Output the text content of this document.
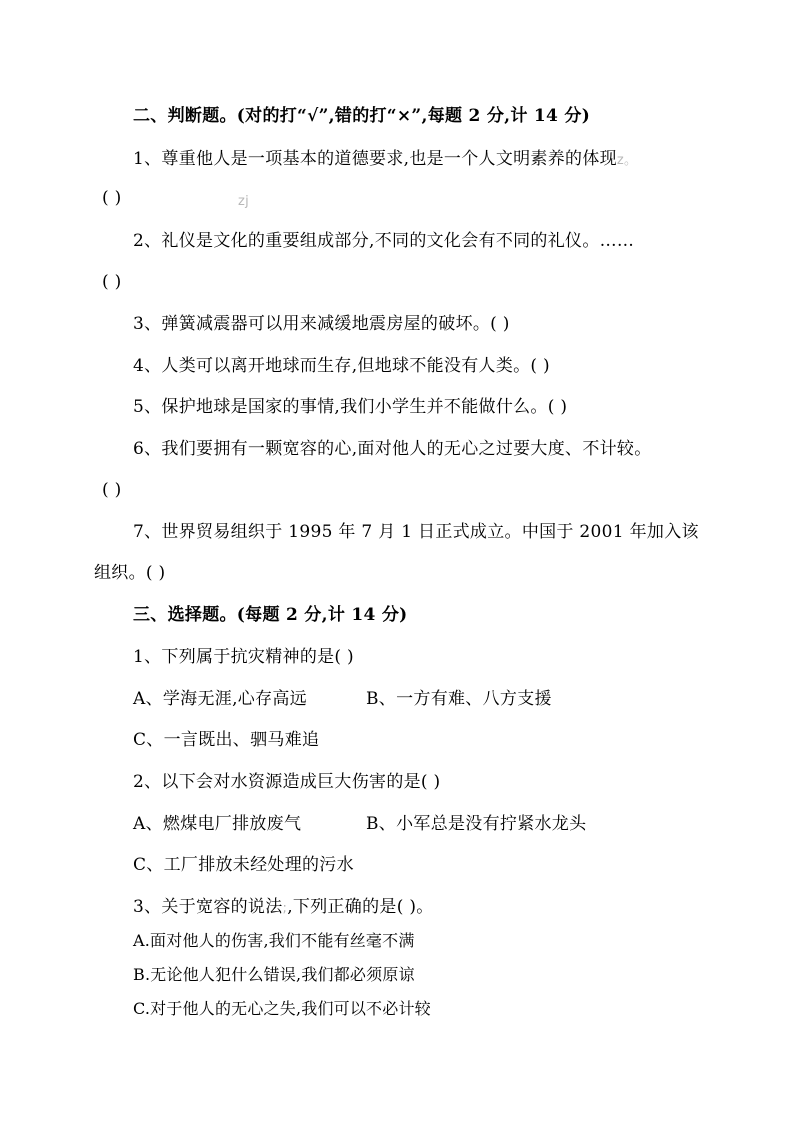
二、判断题。(对的打“√”,错的打“×”,每题 2 分,计 14 分)
1、尊重他人是一项基本的道德要求,也是一个人文明素养的体现z。
( )	zj
2、礼仪是文化的重要组成部分,不同的文化会有不同的礼仪。……
( )
3、弹簧减震器可以用来减缓地震房屋的破坏。( )
4、人类可以离开地球而生存,但地球不能没有人类。( )
5、保护地球是国家的事情,我们小学生并不能做什么。( )
6、我们要拥有一颗宽容的心,面对他人的无心之过要大度、不计较。
( )
7、世界贸易组织于 1995 年 7 月 1 日正式成立。中国于 2001 年加入该
组织。( )
三、选择题。(每题 2 分,计 14 分)
1、下列属于抗灾精神的是( )
A、学海无涯,心存高远	B、一方有难、八方支援
C、一言既出、驷马难追
2、以下会对水资源造成巨大伤害的是( )
A、燃煤电厂排放废气	B、小军总是没有拧紧水龙头
C、工厂排放未经处理的污水
3、关于宽容的说法;,下列正确的是( )。
A.面对他人的伤害,我们不能有丝毫不满
B.无论他人犯什么错误,我们都必须原谅
C.对于他人的无心之失,我们可以不必计较
